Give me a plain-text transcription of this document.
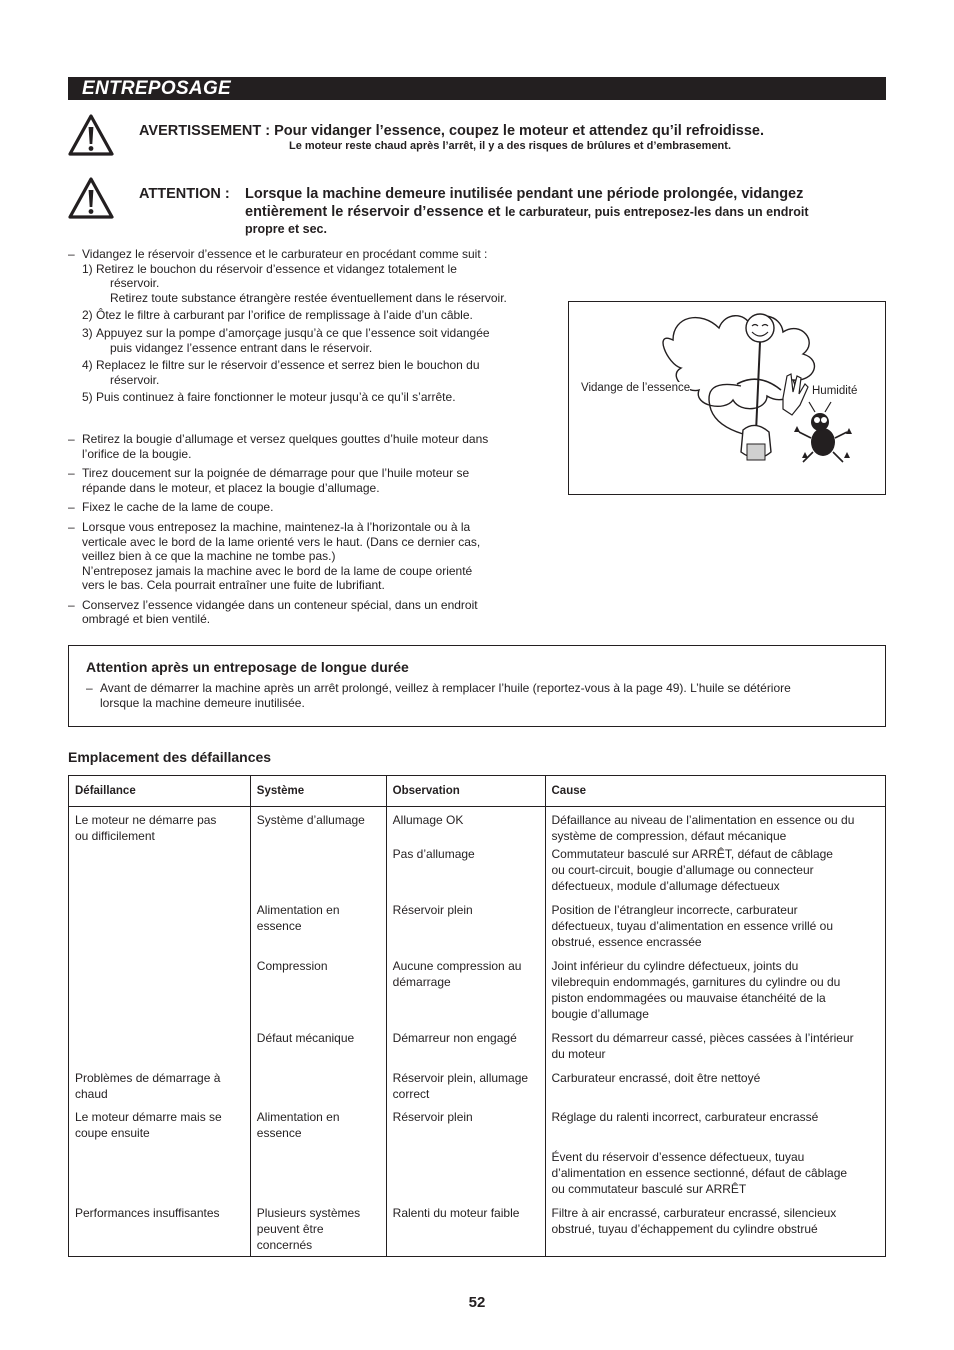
ENTREPOSAGE
AVERTISSEMENT : Pour vidanger l’essence, coupez le moteur et attendez qu’il refroidisse.
Le moteur reste chaud après l’arrêt, il y a des risques de brûlures et d’embrasement.
ATTENTION : Lorsque la machine demeure inutilisée pendant une période prolongée, vidangez
entièrement le réservoir d’essence et le carburateur, puis entreposez-les dans un endroit
propre et sec.
– Vidangez le réservoir d’essence et le carburateur en procédant comme suit :
1) Retirez le bouchon du réservoir d’essence et vidangez totalement le
réservoir.
Retirez toute substance étrangère restée éventuellement dans le réservoir.
2) Ôtez le filtre à carburant par l’orifice de remplissage à l’aide d’un câble.
3) Appuyez sur la pompe d’amorçage jusqu’à ce que l’essence soit vidangée
puis vidangez l’essence entrant dans le réservoir.
4) Replacez le filtre sur le réservoir d’essence et serrez bien le bouchon du
réservoir.
5) Puis continuez à faire fonctionner le moteur jusqu’à ce qu’il s’arrête.
– Retirez la bougie d’allumage et versez quelques gouttes d’huile moteur dans
l’orifice de la bougie.
– Tirez doucement sur la poignée de démarrage pour que l’huile moteur se
répande dans le moteur, et placez la bougie d’allumage.
– Fixez le cache de la lame de coupe.
– Lorsque vous entreposez la machine, maintenez-la à l’horizontale ou à la
verticale avec le bord de la lame orienté vers le haut. (Dans ce dernier cas,
veillez bien à ce que la machine ne tombe pas.)
N’entreposez jamais la machine avec le bord de la lame de coupe orienté
vers le bas. Cela pourrait entraîner une fuite de lubrifiant.
– Conservez l’essence vidangée dans un conteneur spécial, dans un endroit
ombragé et bien ventilé.
Vidange de l’essence	Humidité
Attention après un entreposage de longue durée
– Avant de démarrer la machine après un arrêt prolongé, veillez à remplacer l’huile (reportez-vous à la page 49). L’huile se détériore
lorsque la machine demeure inutilisée.
Emplacement des défaillances
Défaillance	Système	Observation	Cause

Le moteur ne démarre pas
ou difficilement	Système d’allumage	Allumage OK	Défaillance au niveau de l’alimentation en essence ou du
système de compression, défaut mécanique

		Pas d’allumage	Commutateur basculé sur ARRÊT, défaut de câblage
ou court-circuit, bougie d’allumage ou connecteur
défectueux, module d’allumage défectueux

	Alimentation en
essence	Réservoir plein	Position de l’étrangleur incorrecte, carburateur
défectueux, tuyau d’alimentation en essence vrillé ou
obstrué, essence encrassée

	Compression	Aucune compression au
démarrage	Joint inférieur du cylindre défectueux, joints du
vilebrequin endommagés, garnitures du cylindre ou du
piston endommagées ou mauvaise étanchéité de la
bougie d’allumage

	Défaut mécanique	Démarreur non engagé	Ressort du démarreur cassé, pièces cassées à l’intérieur
du moteur

Problèmes de démarrage à
chaud		Réservoir plein, allumage
correct	Carburateur encrassé, doit être nettoyé

Le moteur démarre mais se
coupe ensuite	Alimentation en
essence	Réservoir plein	Réglage du ralenti incorrect, carburateur encrassé

			Évent du réservoir d’essence défectueux, tuyau
d’alimentation en essence sectionné, défaut de câblage
ou commutateur basculé sur ARRÊT

Performances insuffisantes	Plusieurs systèmes
peuvent être
concernés	Ralenti du moteur faible	Filtre à air encrassé, carburateur encrassé, silencieux
obstrué, tuyau d’échappement du cylindre obstrué
52
